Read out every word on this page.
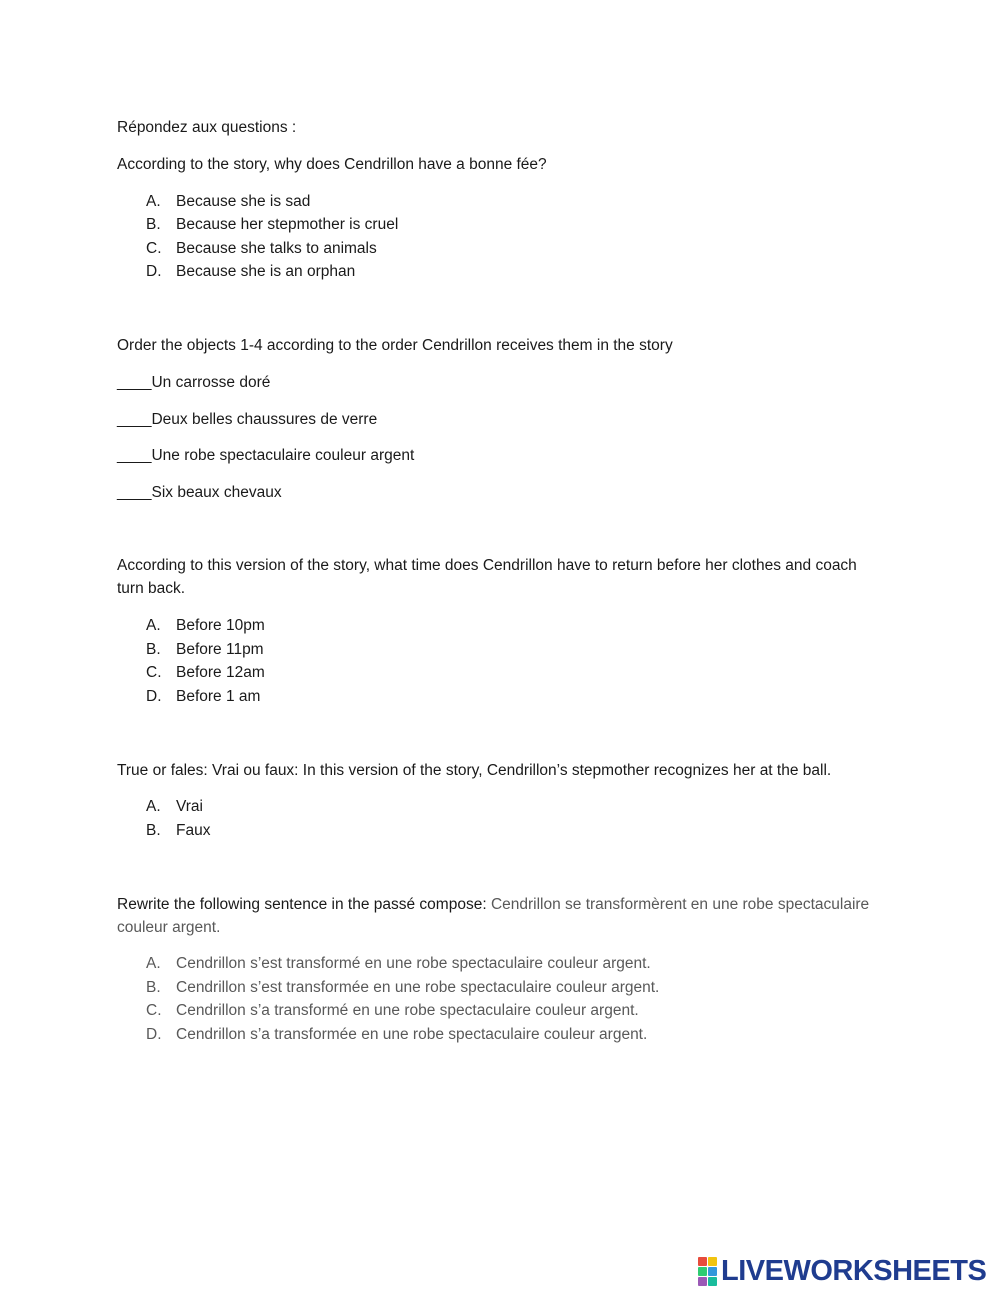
Répondez aux questions :
According to the story, why does Cendrillon have a bonne fée?
A. Because she is sad
B. Because her stepmother is cruel
C. Because she talks to animals
D. Because she is an orphan
Order the objects 1-4 according to the order Cendrillon receives them in the story
____Un carrosse doré
____Deux belles chaussures de verre
____Une robe spectaculaire couleur argent
____Six beaux chevaux
According to this version of the story, what time does Cendrillon have to return before her clothes and coach turn back.
A. Before 10pm
B. Before 11pm
C. Before 12am
D. Before 1 am
True or fales: Vrai ou faux: In this version of the story, Cendrillon’s stepmother recognizes her at the ball.
A. Vrai
B. Faux
Rewrite the following sentence in the passé compose: Cendrillon se transformèrent en une robe spectaculaire couleur argent.
A. Cendrillon s’est transformé en une robe spectaculaire couleur argent.
B. Cendrillon s’est transformée en une robe spectaculaire couleur argent.
C. Cendrillon s’a transformé en une robe spectaculaire couleur argent.
D. Cendrillon s’a transformée en une robe spectaculaire couleur argent.
LIVEWORKSHEETS
